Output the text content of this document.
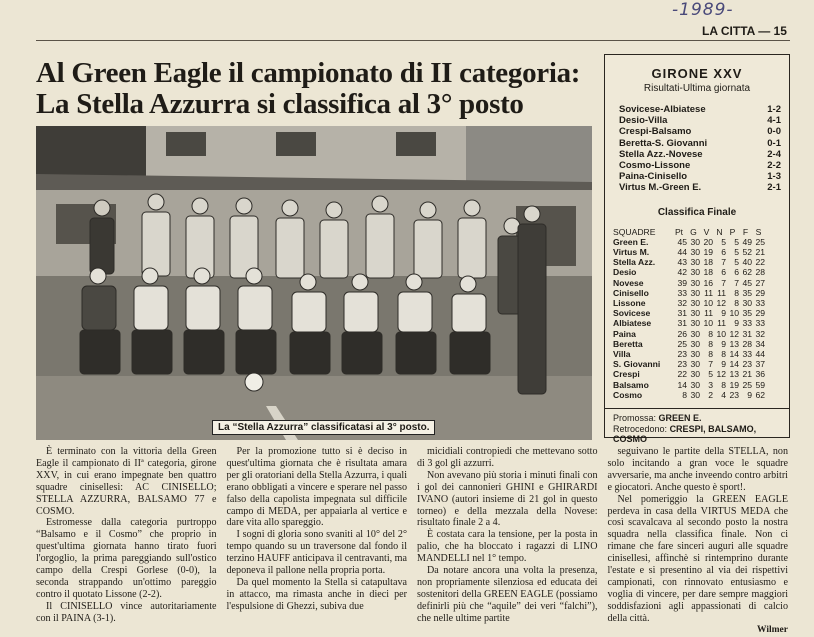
-1989-
LA CITTA — 15
Al Green Eagle il campionato di II categoria:
La Stella Azzurra si classifica al 3° posto
La “Stella Azzurra” classificatasi al 3° posto.
GIRONE XXV
Risultati-Ultima giornata
Sovicese-Albiatese	1-2
Desio-Villa	4-1
Crespi-Balsamo	0-0
Beretta-S. Giovanni	0-1
Stella Azz.-Novese	2-4
Cosmo-Lissone	2-2
Paina-Cinisello	1-3
Virtus M.-Green E.	2-1
Classifica Finale
SQUADRE	Pt G V N P F S
Green E.	45 30 20 5 5 49 25
Virtus M.	44 30 19 6 5 52 21
Stella Azz.	43 30 18 7 5 40 22
Desio	42 30 18 6 6 62 28
Novese	39 30 16 7 7 45 27
Cinisello	33 30 11 11 8 35 29
Lissone	32 30 10 12 8 30 33
Sovicese	31 30 11 9 10 35 29
Albiatese	31 30 10 11 9 33 33
Paina	26 30 8 10 12 31 32
Beretta	25 30 8 9 13 28 34
Villa	23 30 8 8 14 33 44
S. Giovanni	23 30 7 9 14 23 37
Crespi	22 30 5 12 13 21 36
Balsamo	14 30 3 8 19 25 59
Cosmo	8 30 2 4 23 9 62
Promossa: GREEN E.
Retrocedono: CRESPI, BALSAMO, COSMO

È terminato con la vittoria della Green Eagle il campionato di IIª categoria, girone XXV, in cui erano impegnate ben quattro squadre cinisellesi: AC CINISELLO; STELLA AZZURRA, BALSAMO 77 e COSMO.

Estromesse dalla categoria purtroppo “Balsamo e il Cosmo” che proprio in quest'ultima giornata hanno tirato fuori l'orgoglio, la prima pareggiando sull'ostico campo della Crespi Gorlese (0-0), la seconda strappando un'ottimo pareggio contro il quotato Lissone (2-2).

Il CINISELLO vince autoritariamente con il PAINA (3-1).

Per la promozione tutto si è deciso in quest'ultima giornata che è risultata amara per gli oratoriani della Stella Azzurra, i quali erano obbligati a vincere e sperare nel passo falso della capolista impegnata sul difficile campo di MEDA, per appaiarla al vertice e dare vita allo spareggio.

I sogni di gloria sono svaniti al 10° del 2° tempo quando su un traversone dal fondo il terzino HAUFF anticipava il centravanti, ma deponeva il pallone nella propria porta.

Da quel momento la Stella si catapultava in attacco, ma rimasta anche in dieci per l'espulsione di Ghezzi, subiva due

micidiali contropiedi che mettevano sotto di 3 gol gli azzurri.

Non avevano più storia i minuti finali con i gol dei cannonieri GHINI e GHIRARDI IVANO (autori insieme di 21 gol in questo torneo) e della mezzala della Novese: risultato finale 2 a 4.

È costata cara la tensione, per la posta in palio, che ha bloccato i ragazzi di LINO MANDELLI nel 1° tempo.

Da notare ancora una volta la presenza, non propriamente silenziosa ed educata dei sostenitori della GREEN EAGLE (possiamo definirli più che “aquile” dei veri “falchi”), che nelle ultime partite

seguivano le partite della STELLA, non solo incitando a gran voce le squadre avversarie, ma anche inveendo contro arbitri e giocatori. Anche questo è sport!.

Nel pomeriggio la GREEN EAGLE perdeva in casa della VIRTUS MEDA che così scavalcava al secondo posto la nostra squadra nella classifica finale. Non ci rimane che fare sinceri auguri alle squadre cinisellesi, affinchè si rintemprino durante l'estate e si presentino al via dei rispettivi campionati, con rinnovato entusiasmo e voglia di vincere, per dare sempre maggiori soddisfazioni agli appassionati di calcio della città.

Wilmer
